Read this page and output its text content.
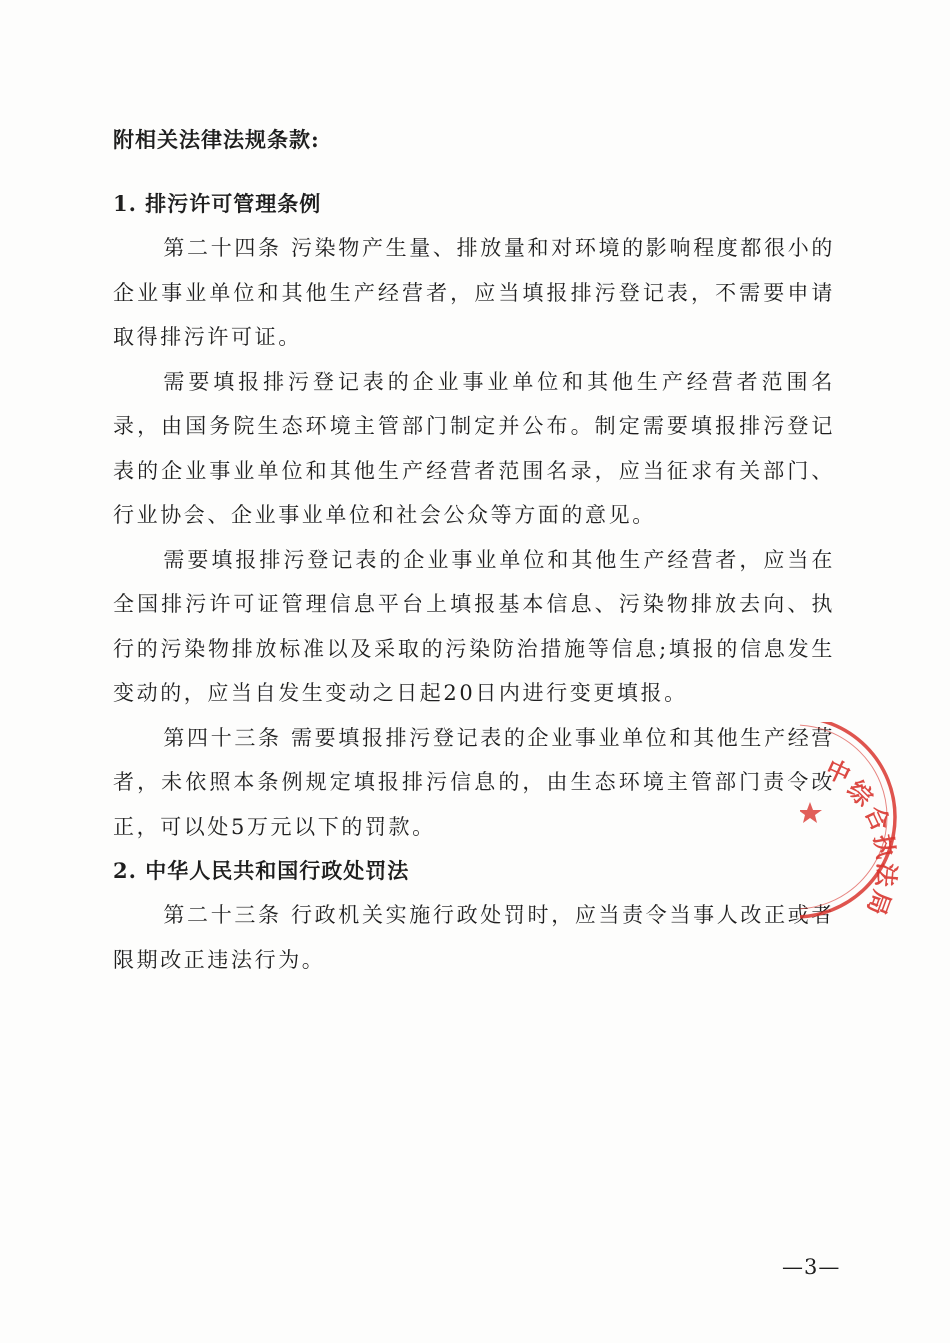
附相关法律法规条款:
1. 排污许可管理条例

第二十四条 污染物产生量、排放量和对环境的影响程度都很小的企业事业单位和其他生产经营者，应当填报排污登记表，不需要申请取得排污许可证。

需要填报排污登记表的企业事业单位和其他生产经营者范围名录，由国务院生态环境主管部门制定并公布。制定需要填报排污登记表的企业事业单位和其他生产经营者范围名录，应当征求有关部门、行业协会、企业事业单位和社会公众等方面的意见。

需要填报排污登记表的企业事业单位和其他生产经营者，应当在全国排污许可证管理信息平台上填报基本信息、污染物排放去向、执行的污染物排放标准以及采取的污染防治措施等信息;填报的信息发生变动的，应当自发生变动之日起20日内进行变更填报。

第四十三条 需要填报排污登记表的企业事业单位和其他生产经营者，未依照本条例规定填报排污信息的，由生态环境主管部门责令改正，可以处5万元以下的罚款。

2. 中华人民共和国行政处罚法

第二十三条 行政机关实施行政处罚时，应当责令当事人改正或者限期改正违法行为。

中
综
合
执
法
局
—3—
